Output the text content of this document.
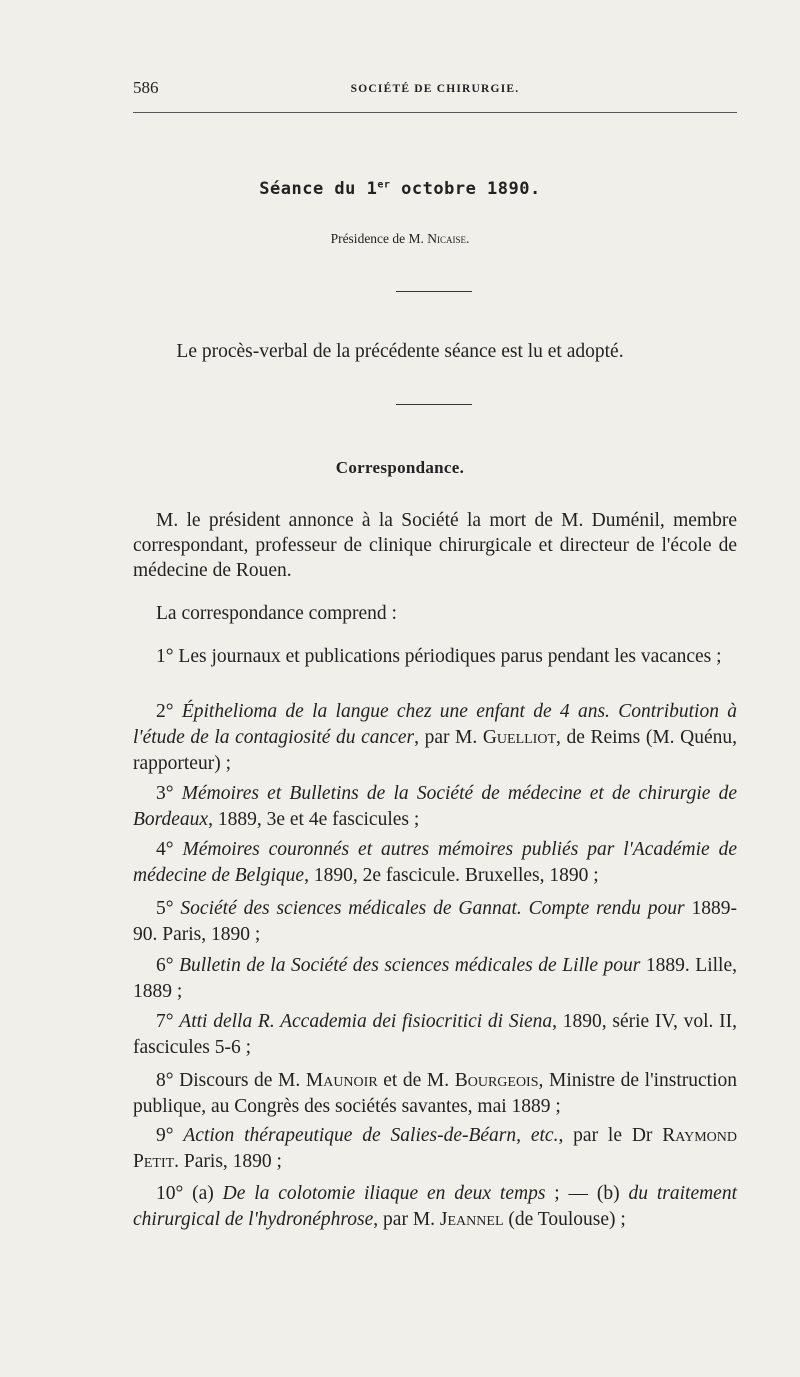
586	SOCIÉTÉ DE CHIRURGIE.
Séance du 1er octobre 1890.
Présidence de M. Nicaise.
Le procès-verbal de la précédente séance est lu et adopté.
Correspondance.
M. le président annonce à la Société la mort de M. Duménil, membre correspondant, professeur de clinique chirurgicale et directeur de l'école de médecine de Rouen.
La correspondance comprend :
1° Les journaux et publications périodiques parus pendant les vacances ;
2° Épithelioma de la langue chez une enfant de 4 ans. Contribution à l'étude de la contagiosité du cancer, par M. Guelliot, de Reims (M. Quénu, rapporteur) ;
3° Mémoires et Bulletins de la Société de médecine et de chirurgie de Bordeaux, 1889, 3e et 4e fascicules ;
4° Mémoires couronnés et autres mémoires publiés par l'Académie de médecine de Belgique, 1890, 2e fascicule. Bruxelles, 1890 ;
5° Société des sciences médicales de Gannat. Compte rendu pour 1889-90. Paris, 1890 ;
6° Bulletin de la Société des sciences médicales de Lille pour 1889. Lille, 1889 ;
7° Atti della R. Accademia dei fisiocritici di Siena, 1890, série IV, vol. II, fascicules 5-6 ;
8° Discours de M. Maunoir et de M. Bourgeois, Ministre de l'instruction publique, au Congrès des sociétés savantes, mai 1889 ;
9° Action thérapeutique de Salies-de-Béarn, etc., par le Dr Raymond Petit. Paris, 1890 ;
10° (a) De la colotomie iliaque en deux temps ; — (b) du traitement chirurgical de l'hydronéphrose, par M. Jeannel (de Toulouse) ;
